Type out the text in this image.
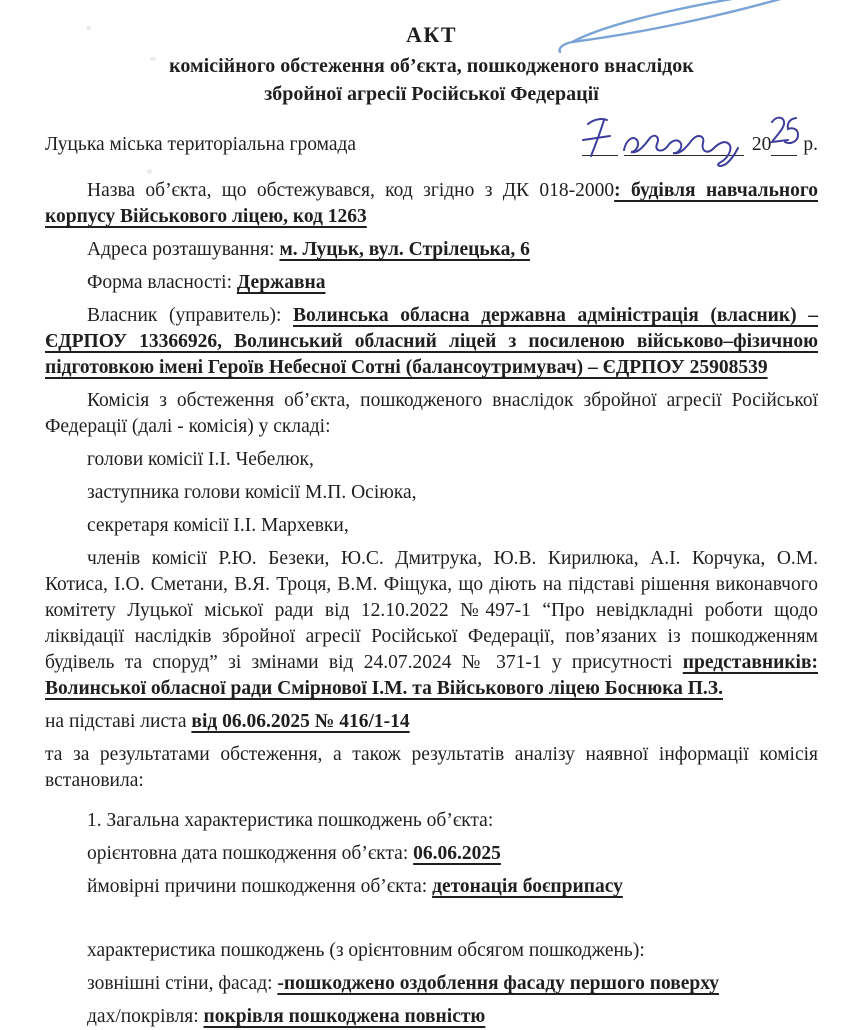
АКТ
комісійного обстеження об’єкта, пошкодженого внаслідок
збройної агресії Російської Федерації
Луцька міська територіальна громада	20 р.

Назва об’єкта, що обстежувався, код згідно з ДК 018-2000: будівля навчального корпусу Військового ліцею, код 1263

Адреса розташування: м. Луцьк, вул. Стрілецька, 6

Форма власності: Державна

Власник (управитель): Волинська обласна державна адміністрація (власник) – ЄДРПОУ 13366926, Волинський обласний ліцей з посиленою військово–фізичною підготовкою імені Героїв Небесної Сотні (балансоутримувач) – ЄДРПОУ 25908539

Комісія з обстеження об’єкта, пошкодженого внаслідок збройної агресії Російської Федерації (далі - комісія) у складі:

голови комісії І.І. Чебелюк,

заступника голови комісії М.П. Осіюка,

секретаря комісії І.І. Мархевки,

членів комісії Р.Ю. Безеки, Ю.С. Дмитрука, Ю.В. Кирилюка, А.І. Корчука, О.М. Котиса, І.О. Сметани, В.Я. Троця, В.М. Фіщука, що діють на підставі рішення виконавчого комітету Луцької міської ради від 12.10.2022 №497-1 “Про невідкладні роботи щодо ліквідації наслідків збройної агресії Російської Федерації, пов’язаних із пошкодженням будівель та споруд” зі змінами від 24.07.2024 № 371-1 у присутності представників: Волинської обласної ради Смірнової І.М. та Військового ліцею Боснюка П.З.

на підставі листа від 06.06.2025 № 416/1-14

та за результатами обстеження, а також результатів аналізу наявної інформації комісія встановила:

1. Загальна характеристика пошкоджень об’єкта:

орієнтовна дата пошкодження об’єкта: 06.06.2025

ймовірні причини пошкодження об’єкта: детонація боєприпасу

характеристика пошкоджень (з орієнтовним обсягом пошкоджень):

зовнішні стіни, фасад: -пошкоджено оздоблення фасаду першого поверху

дах/покрівля: покрівля пошкоджена повністю
